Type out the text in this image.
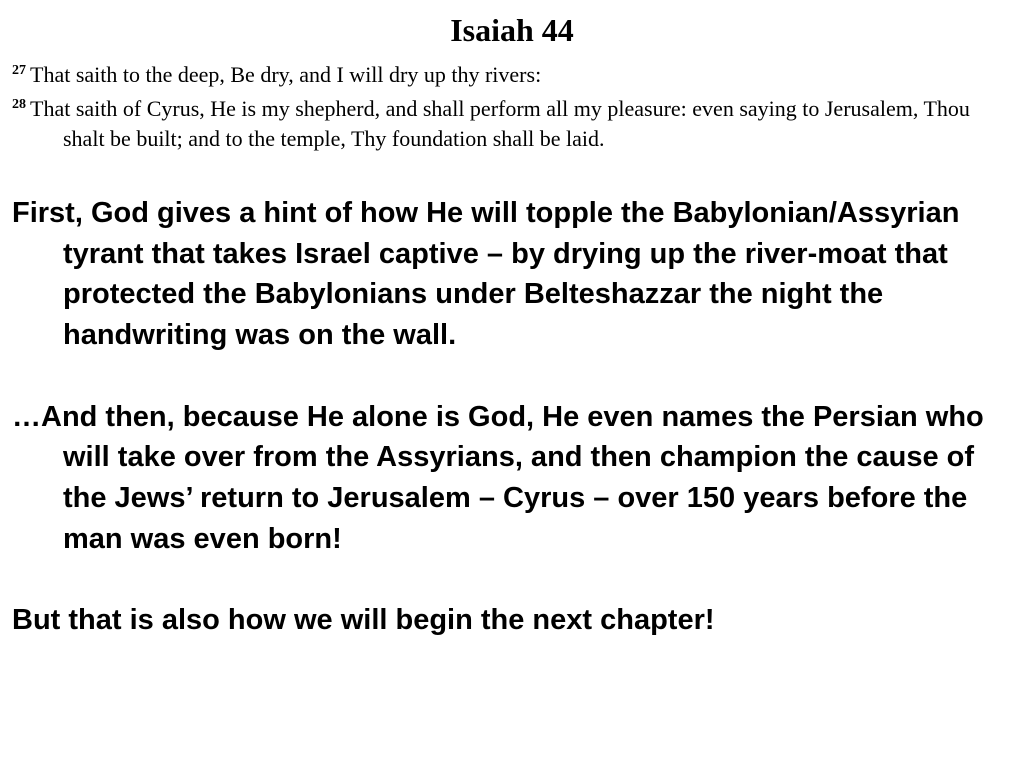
Isaiah 44

$^{27}$ That saith to the deep, Be dry, and I will dry up thy rivers:

$^{28}$ That saith of Cyrus, He is my shepherd, and shall perform all my pleasure: even saying to Jerusalem, Thou shalt be built; and to the temple, Thy foundation shall be laid.

First, God gives a hint of how He will topple the Babylonian/Assyrian tyrant that takes Israel captive – by drying up the river-moat that protected the Babylonians under Belteshazzar the night the handwriting was on the wall.

…And then, because He alone is God, He even names the Persian who will take over from the Assyrians, and then champion the cause of the Jews’ return to Jerusalem – Cyrus – over 150 years before the man was even born!

But that is also how we will begin the next chapter!
